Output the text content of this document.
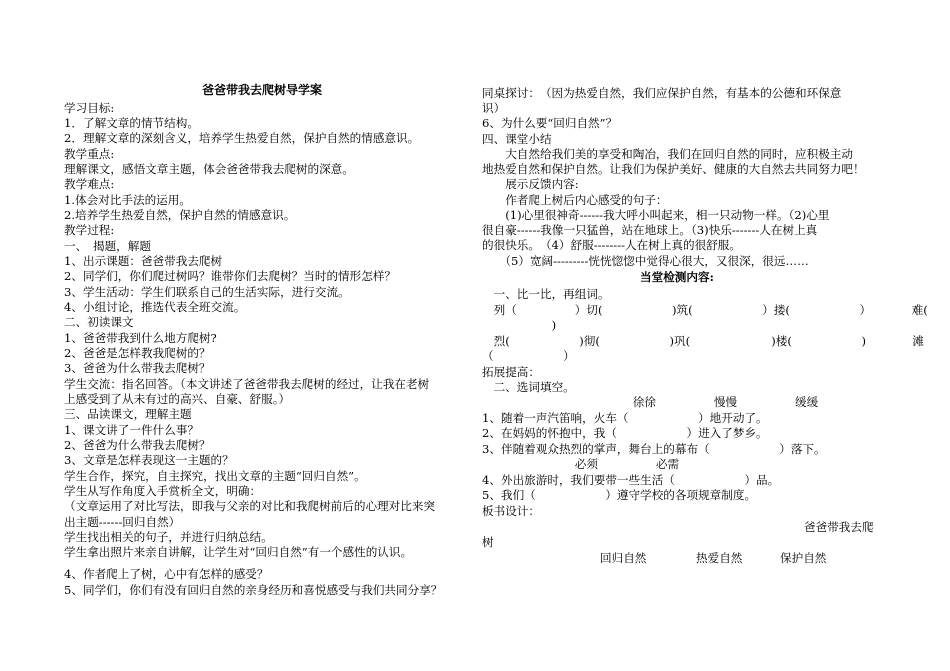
爸爸带我去爬树导学案
学习目标:
1．了解文章的情节结构。
2．理解文章的深刻含义，培养学生热爱自然，保护自然的情感意识。
教学重点:
理解课文，感悟文章主题，体会爸爸带我去爬树的深意。
教学难点:
1.体会对比手法的运用。
2.培养学生热爱自然，保护自然的情感意识。
教学过程:
一、　揭题，解题
1、出示课题：爸爸带我去爬树
2、同学们，你们爬过树吗？谁带你们去爬树？当时的情形怎样？
3、学生活动：学生们联系自己的生活实际，进行交流。
4、小组讨论，推选代表全班交流。
二、初读课文
1、爸爸带我到什么地方爬树?
2、爸爸是怎样教我爬树的？
3、爸爸为什么带我去爬树？
学生交流：指名回答。（本文讲述了爸爸带我去爬树的经过，让我在老树
上感受到了从未有过的高兴、自豪、舒服。）
三、品读课文，理解主题
1、课文讲了一件什么事？
2、爸爸为什么带我去爬树？
3、文章是怎样表现这一主题的？
学生合作，探究，自主探究，找出文章的主题“回归自然”。
学生从写作角度入手赏析全文，明确：
（文章运用了对比写法，即我与父亲的对比和我爬树前后的心理对比来突
出主题------回归自然）
学生找出相关的句子，并进行归纳总结。
学生拿出照片来亲自讲解，让学生对“回归自然”有一个感性的认识。
4、作者爬上了树，心中有怎样的感受？
5、同学们，你们有没有回归自然的亲身经历和喜悦感受与我们共同分享？
同桌探讨：　（因为热爱自然，我们应保护自然，有基本的公德和环保意
识）
6、为什么要“回归自然”？
四、课堂小结
　　大自然给我们美的享受和陶冶，我们在回归自然的同时，应积极主动
地热爱自然和保护自然。让我们为保护美好、健康的大自然去共同努力吧！
　　展示反馈内容:
　　作者爬上树后内心感受的句子：
　　(1)心里很神奇------我大呼小叫起来，相一只动物一样。（2)心里
很自豪------我像一只猛兽，站在地球上。（3)快乐-------人在树上真
的很快乐。　（4）舒服--------人在树上真的很舒服。
　　（5）宽阔---------恍恍惚惚中觉得心很大，又很深，很远……
当堂检测内容:
　一、比一比，再组词。
　列（　　　　　）切(　　　　　　)筑(　　　　　　）搂(　　　　　　）　　　　难(
　　　　　　)
　烈(　　　　　　)彻(　　　　　　)巩(　　　　　　　)楼(　　　　　　)　　　　滩
（　　　　　　）
拓展提高：
　二、选词填空。
　　　　　　　　　　　　　徐徐　　　　　慢慢　　　　　缓缓
1、随着一声汽笛响，火车（　　　　　　）地开动了。
2、在妈妈的怀抱中，我（　　　　　　）进入了梦乡。
3、伴随着观众热烈的掌声，舞台上的幕布（　　　　　　）落下。
　　　　　　　　必须　　　　　必需
4、外出旅游时，我们要带一些生活（　　　　　　）品。
5、我们（　　　　　　）遵守学校的各项规章制度。
板书设计：
爸爸带我去爬
树
回归自然	热爱自然	保护自然
